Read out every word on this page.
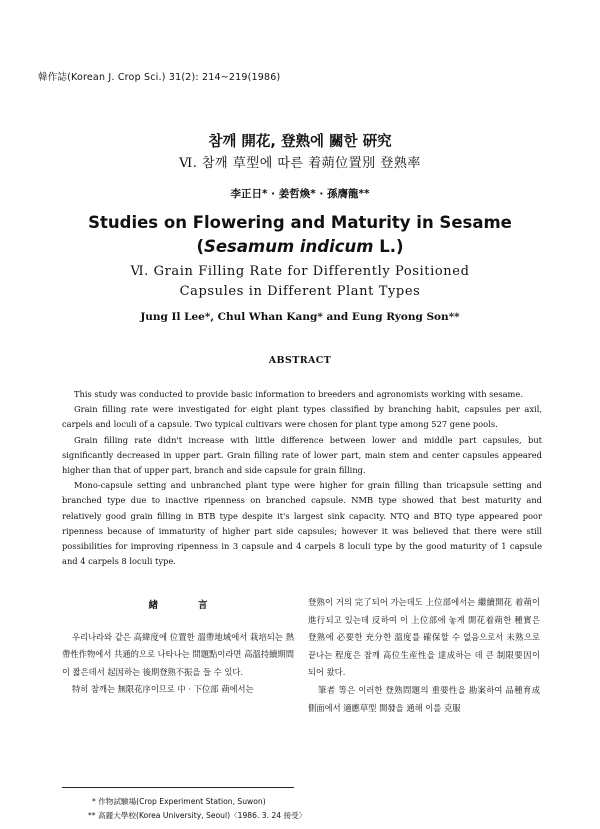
韓作誌(Korean J. Crop Sci.) 31(2): 214~219(1986)
참깨 開花, 登熟에 關한 硏究
Ⅵ. 참깨 草型에 따른 着蒴位置別 登熟率
李正日* · 姜哲煥* · 孫膺龍**
Studies on Flowering and Maturity in Sesame
(Sesamum indicum L.)
Ⅵ. Grain Filling Rate for Differently Positioned
Capsules in Different Plant Types
Jung Il Lee*, Chul Whan Kang* and Eung Ryong Son**
ABSTRACT

This study was conducted to provide basic information to breeders and agronomists working with sesame.

Grain filling rate were investigated for eight plant types classified by branching habit, capsules per axil, carpels and loculi of a capsule. Two typical cultivars were chosen for plant type among 527 gene pools.

Grain filling rate didn't increase with little difference between lower and middle part capsules, but significantly decreased in upper part. Grain filling rate of lower part, main stem and center capsules appeared higher than that of upper part, branch and side capsule for grain filling.

Mono-capsule setting and unbranched plant type were higher for grain filling than tricapsule setting and branched type due to inactive ripenness on branched capsule. NMB type showed that best maturity and relatively good grain filling in BTB type despite it's largest sink capacity. NTQ and BTQ type appeared poor ripenness because of immaturity of higher part side capsules; however it was believed that there were still possibilities for improving ripenness in 3 capsule and 4 carpels 8 loculi type by the good maturity of 1 capsule and 4 carpels 8 loculi type.

緖言

우리나라와 같은 高緯度에 位置한 溫帶地域에서 栽培되는 熱帶性作物에서 共通的으로 나타나는 問題點이라면 高溫持續期間이 짧은데서 起因하는 後期登熟不振을 들 수 있다.

特히 참깨는 無限花序이므로 中 · 下位部 蒴에서는

登熟이 거의 完了되어 가는데도 上位部에서는 繼續開花 着蒴이 進行되고 있는데 反하여 이 上位部에 놓게 開花着蒴한 種實은 登熟에 必要한 充分한 溫度를 確保할 수 없음으로서 未熟으로 끝나는 程度은 참깨 高位生産性을 達成하는 데 큰 制限要因이 되어 왔다.

筆者 等은 이러한 登熟問題의 重要性을 勘案하여 品種育成 側面에서 適應草型 開發을 通해 이를 克服

* 作物試驗場(Crop Experiment Station, Suwon)
** 高麗大學校(Korea University, Seoul)〈1986. 3. 24 接受〉
